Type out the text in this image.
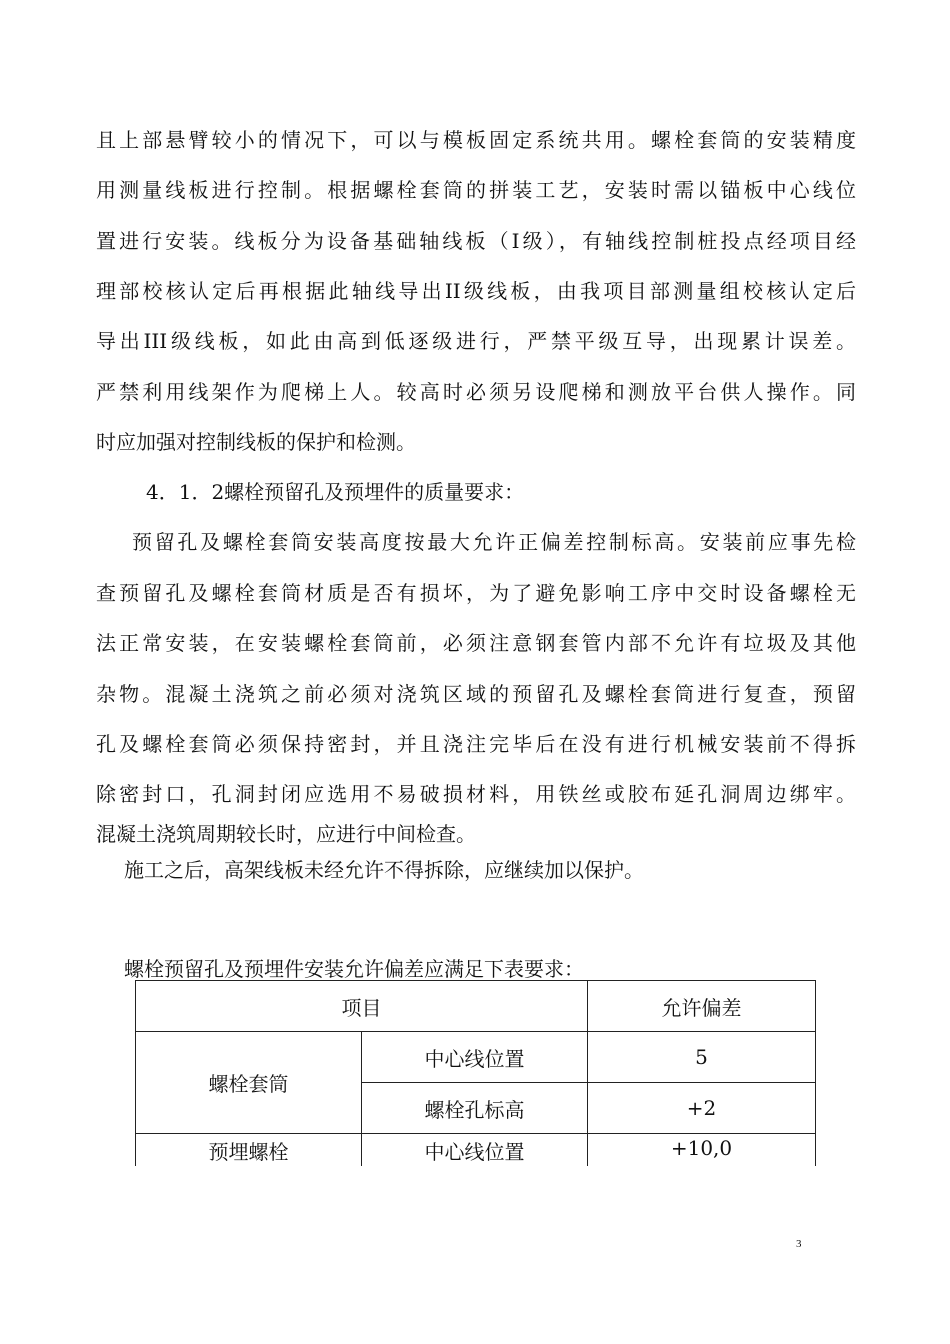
且上部悬臂较小的情况下，可以与模板固定系统共用。螺栓套筒的安装精度
用测量线板进行控制。根据螺栓套筒的拼装工艺，安装时需以锚板中心线位
置进行安装。线板分为设备基础轴线板（I级），有轴线控制桩投点经项目经
理部校核认定后再根据此轴线导出II级线板，由我项目部测量组校核认定后
导出III级线板，如此由高到低逐级进行，严禁平级互导，出现累计误差。
严禁利用线架作为爬梯上人。较高时必须另设爬梯和测放平台供人操作。同
时应加强对控制线板的保护和检测。
4．1．2螺栓预留孔及预埋件的质量要求：
预留孔及螺栓套筒安装高度按最大允许正偏差控制标高。安装前应事先检
查预留孔及螺栓套筒材质是否有损坏，为了避免影响工序中交时设备螺栓无
法正常安装，在安装螺栓套筒前，必须注意钢套管内部不允许有垃圾及其他
杂物。混凝土浇筑之前必须对浇筑区域的预留孔及螺栓套筒进行复查，预留
孔及螺栓套筒必须保持密封，并且浇注完毕后在没有进行机械安装前不得拆
除密封口，孔洞封闭应选用不易破损材料，用铁丝或胶布延孔洞周边绑牢。
混凝土浇筑周期较长时，应进行中间检查。
施工之后，高架线板未经允许不得拆除，应继续加以保护。
螺栓预留孔及预埋件安装允许偏差应满足下表要求：
项目		允许偏差
螺栓套筒	中心线位置	5
	螺栓孔标高	+2
预埋螺栓	中心线位置	+10,0
3
